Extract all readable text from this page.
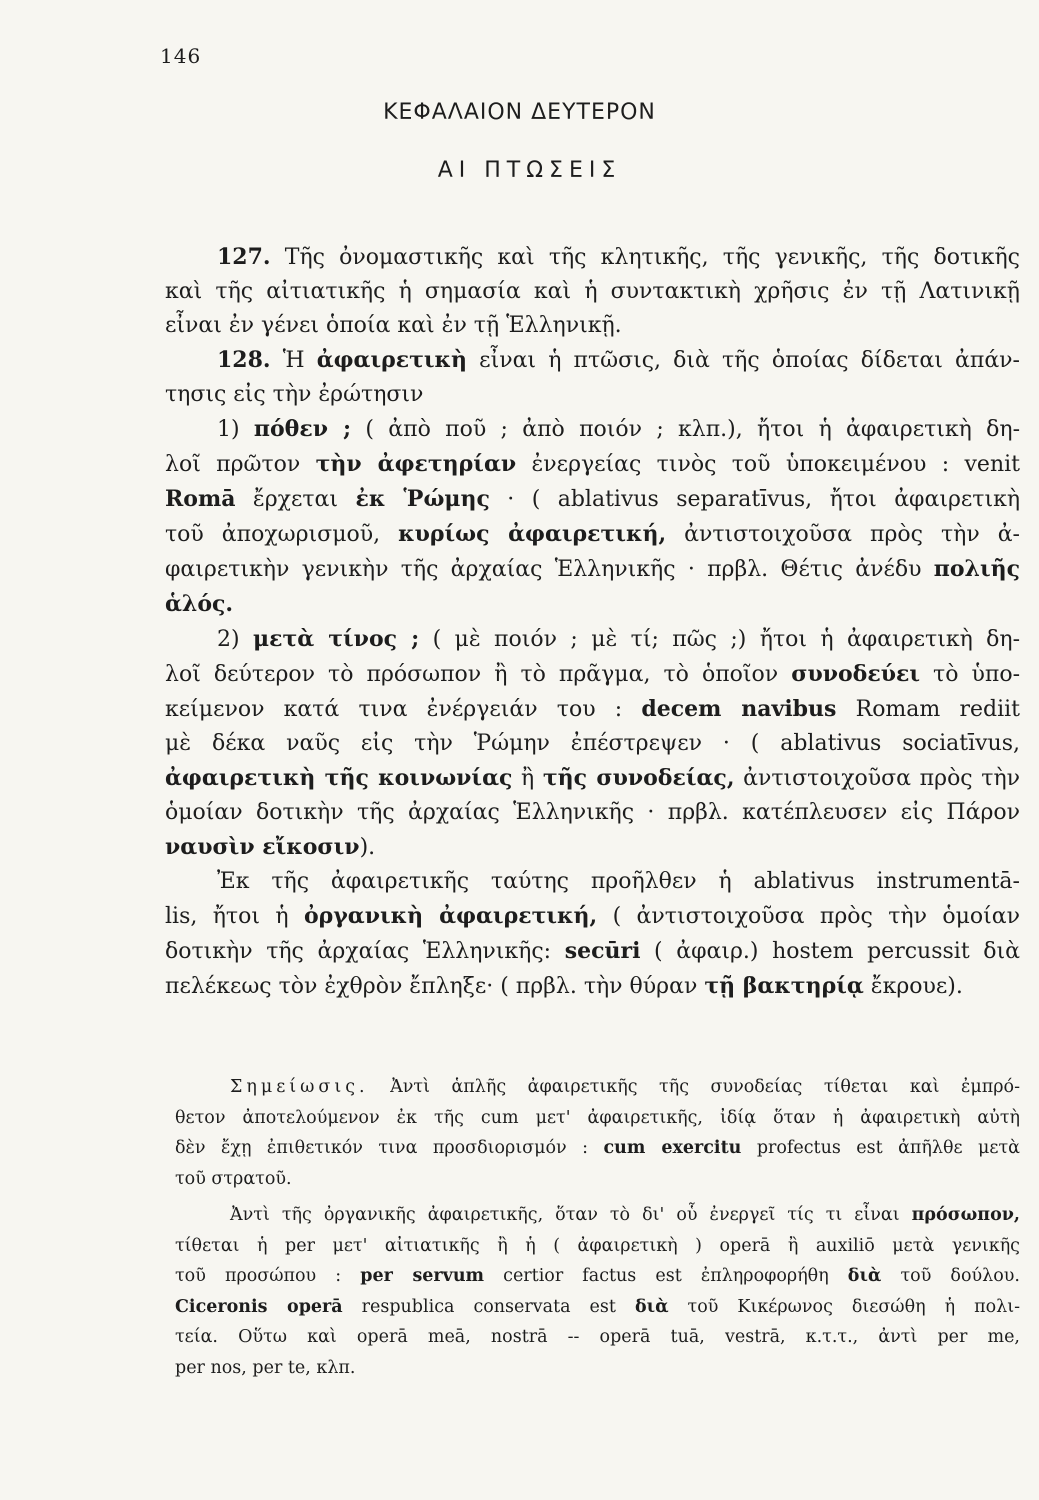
146
ΚΕΦΑΛΑΙΟΝ ΔΕΥΤΕΡΟΝ
ΑΙ ΠΤΩΣΕΙΣ
127. Τῆς ὀνομαστικῆς καὶ τῆς κλητικῆς, τῆς γενικῆς, τῆς δοτικῆς
καὶ τῆς αἰτιατικῆς ἡ σημασία καὶ ἡ συντακτικὴ χρῆσις ἐν τῇ Λατινικῇ
εἶναι ἐν γένει ὁποία καὶ ἐν τῇ Ἑλληνικῇ.
128. Ἡ ἀφαιρετικὴ εἶναι ἡ πτῶσις, διὰ τῆς ὁποίας δίδεται ἀπάν-
τησις εἰς τὴν ἐρώτησιν
1) πόθεν ; ( ἀπὸ ποῦ ; ἀπὸ ποιόν ; κλπ.), ἤτοι ἡ ἀφαιρετικὴ δη-
λοῖ πρῶτον τὴν ἀφετηρίαν ἐνεργείας τινὸς τοῦ ὑποκειμένου : venit
Romā ἔρχεται ἐκ Ῥώμης · ( ablativus separatīvus, ἤτοι ἀφαιρετικὴ
τοῦ ἀποχωρισμοῦ, κυρίως ἀφαιρετική, ἀντιστοιχοῦσα πρὸς τὴν ἀ-
φαιρετικὴν γενικὴν τῆς ἀρχαίας Ἑλληνικῆς · πρβλ. Θέτις ἀνέδυ πολιῆς
ἁλός.
2) μετὰ τίνος ; ( μὲ ποιόν ; μὲ τί; πῶς ;) ἤτοι ἡ ἀφαιρετικὴ δη-
λοῖ δεύτερον τὸ πρόσωπον ἢ τὸ πρᾶγμα, τὸ ὁποῖον συνοδεύει τὸ ὑπο-
κείμενον κατά τινα ἐνέργειάν του : decem navibus Romam rediit
μὲ δέκα ναῦς εἰς τὴν Ῥώμην ἐπέστρεψεν · ( ablativus sociatīvus,
ἀφαιρετικὴ τῆς κοινωνίας ἢ τῆς συνοδείας, ἀντιστοιχοῦσα πρὸς τὴν
ὁμοίαν δοτικὴν τῆς ἀρχαίας Ἑλληνικῆς · πρβλ. κατέπλευσεν εἰς Πάρον
ναυσὶν εἴκοσιν).
Ἐκ τῆς ἀφαιρετικῆς ταύτης προῆλθεν ἡ ablativus instrumentā-
lis, ἤτοι ἡ ὀργανικὴ ἀφαιρετική, ( ἀντιστοιχοῦσα πρὸς τὴν ὁμοίαν
δοτικὴν τῆς ἀρχαίας Ἑλληνικῆς: secūri ( ἀφαιρ.) hostem percussit διὰ
πελέκεως τὸν ἐχθρὸν ἔπληξε· ( πρβλ. τὴν θύραν τῇ βακτηρίᾳ ἔκρουε).
Σημείωσις. Ἀντὶ ἁπλῆς ἀφαιρετικῆς τῆς συνοδείας τίθεται καὶ ἐμπρό-
θετον ἀποτελούμενον ἐκ τῆς cum μετ' ἀφαιρετικῆς, ἰδίᾳ ὅταν ἡ ἀφαιρετικὴ αὐτὴ
δὲν ἔχῃ ἐπιθετικόν τινα προσδιορισμόν : cum exercitu profectus est ἀπῆλθε μετὰ
τοῦ στρατοῦ.
Ἀντὶ τῆς ὀργανικῆς ἀφαιρετικῆς, ὅταν τὸ δι' οὗ ἐνεργεῖ τίς τι εἶναι πρόσωπον,
τίθεται ἡ per μετ' αἰτιατικῆς ἢ ἡ ( ἀφαιρετικὴ ) operā ἢ auxiliō μετὰ γενικῆς
τοῦ προσώπου : per servum certior factus est ἐπληροφορήθη διὰ τοῦ δούλου.
Ciceronis operā respublica conservata est διὰ τοῦ Κικέρωνος διεσώθη ἡ πολι-
τεία. Οὕτω καὶ operā meā, nostrā -- operā tuā, vestrā, κ.τ.τ., ἀντὶ per me,
per nos, per te, κλπ.
